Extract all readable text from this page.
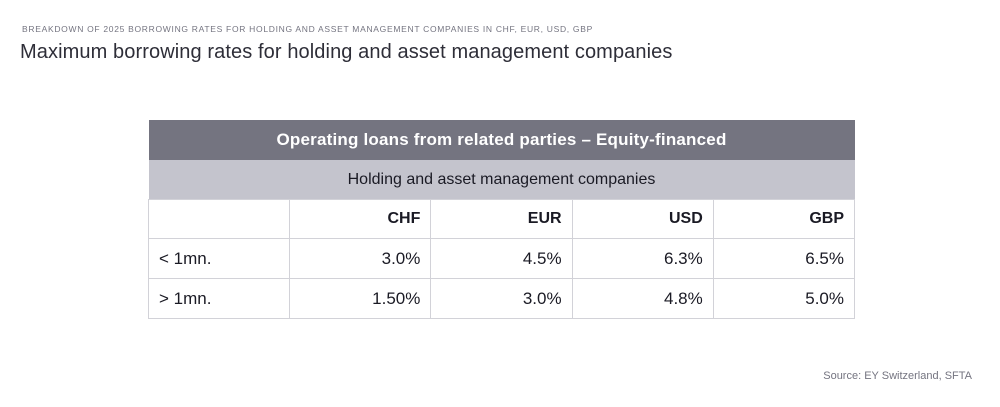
BREAKDOWN OF 2025 BORROWING RATES FOR HOLDING AND ASSET MANAGEMENT COMPANIES IN CHF, EUR, USD, GBP
Maximum borrowing rates for holding and asset management companies
Operating loans from related parties – Equity-financed				
Holding and asset management companies				
	CHF	EUR	USD	GBP
< 1mn.	3.0%	4.5%	6.3%	6.5%
> 1mn.	1.50%	3.0%	4.8%	5.0%
Source: EY Switzerland, SFTA
